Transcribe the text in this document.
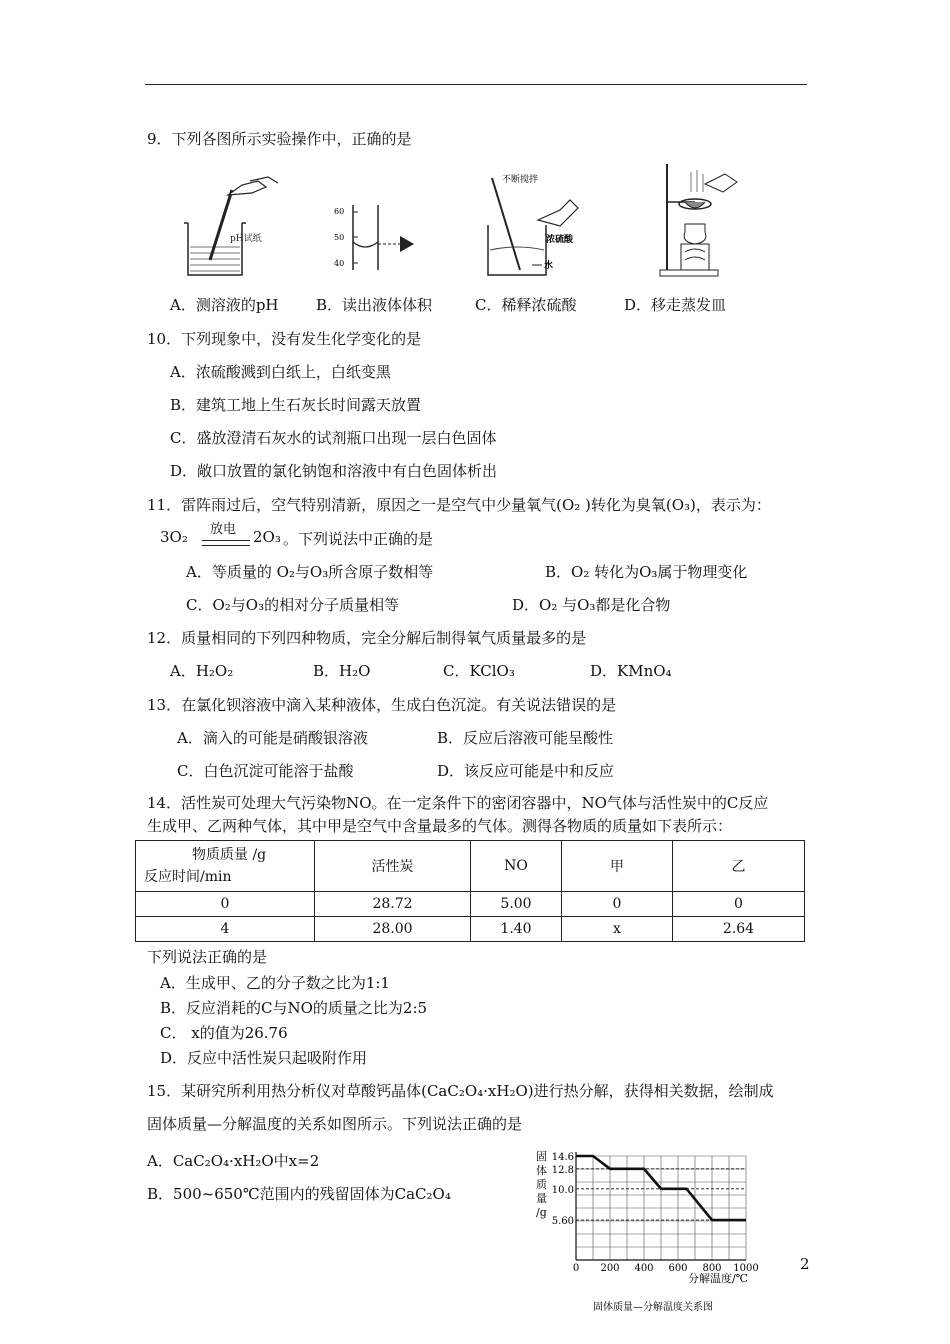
9．下列各图所示实验操作中，正确的是
pH试纸
60
50
40
不断搅拌
浓硫酸
水
A．测溶液的pH B．读出液体体积	C．稀释浓硫酸	D．移走蒸发皿
10．下列现象中，没有发生化学变化的是
A．浓硫酸溅到白纸上，白纸变黑
B．建筑工地上生石灰长时间露天放置
C．盛放澄清石灰水的试剂瓶口出现一层白色固体
D．敞口放置的氯化钠饱和溶液中有白色固体析出
11．雷阵雨过后，空气特别清新，原因之一是空气中少量氧气(O₂ )转化为臭氧(O₃)，表示为：
3O₂ 放电 2O₃ 。下列说法中正确的是
A．等质量的 O₂与O₃所含原子数相等	B．O₂ 转化为O₃属于物理变化
C．O₂与O₃的相对分子质量相等	D．O₂ 与O₃都是化合物
12．质量相同的下列四种物质，完全分解后制得氧气质量最多的是
A．H₂O₂	B．H₂O	C．KClO₃	D．KMnO₄
13．在氯化钡溶液中滴入某种液体，生成白色沉淀。有关说法错误的是
A．滴入的可能是硝酸银溶液	B．反应后溶液可能呈酸性
C．白色沉淀可能溶于盐酸	D．该反应可能是中和反应
14．活性炭可处理大气污染物NO。在一定条件下的密闭容器中，NO气体与活性炭中的C反应
生成甲、乙两种气体，其中甲是空气中含量最多的气体。测得各物质的质量如下表所示：
物质质量 /g
反应时间/min	活性炭	NO	甲	乙
0	28.72	5.00	0	0
4	28.00	1.40	x	2.64
下列说法正确的是
A．生成甲、乙的分子数之比为1:1
B．反应消耗的C与NO的质量之比为2:5
C． x的值为26.76
D．反应中活性炭只起吸附作用
15．某研究所利用热分析仪对草酸钙晶体(CaC₂O₄·xH₂O)进行热分解，获得相关数据，绘制成
固体质量—分解温度的关系如图所示。下列说法正确的是
A．CaC₂O₄·xH₂O中x=2
B．500~650℃范围内的残留固体为CaC₂O₄
固
体
质
量
/g
0 200 400 600 800 1000
14.6
12.8
10.0
5.60
分解温度/℃
固体质量—分解温度关系图
2
